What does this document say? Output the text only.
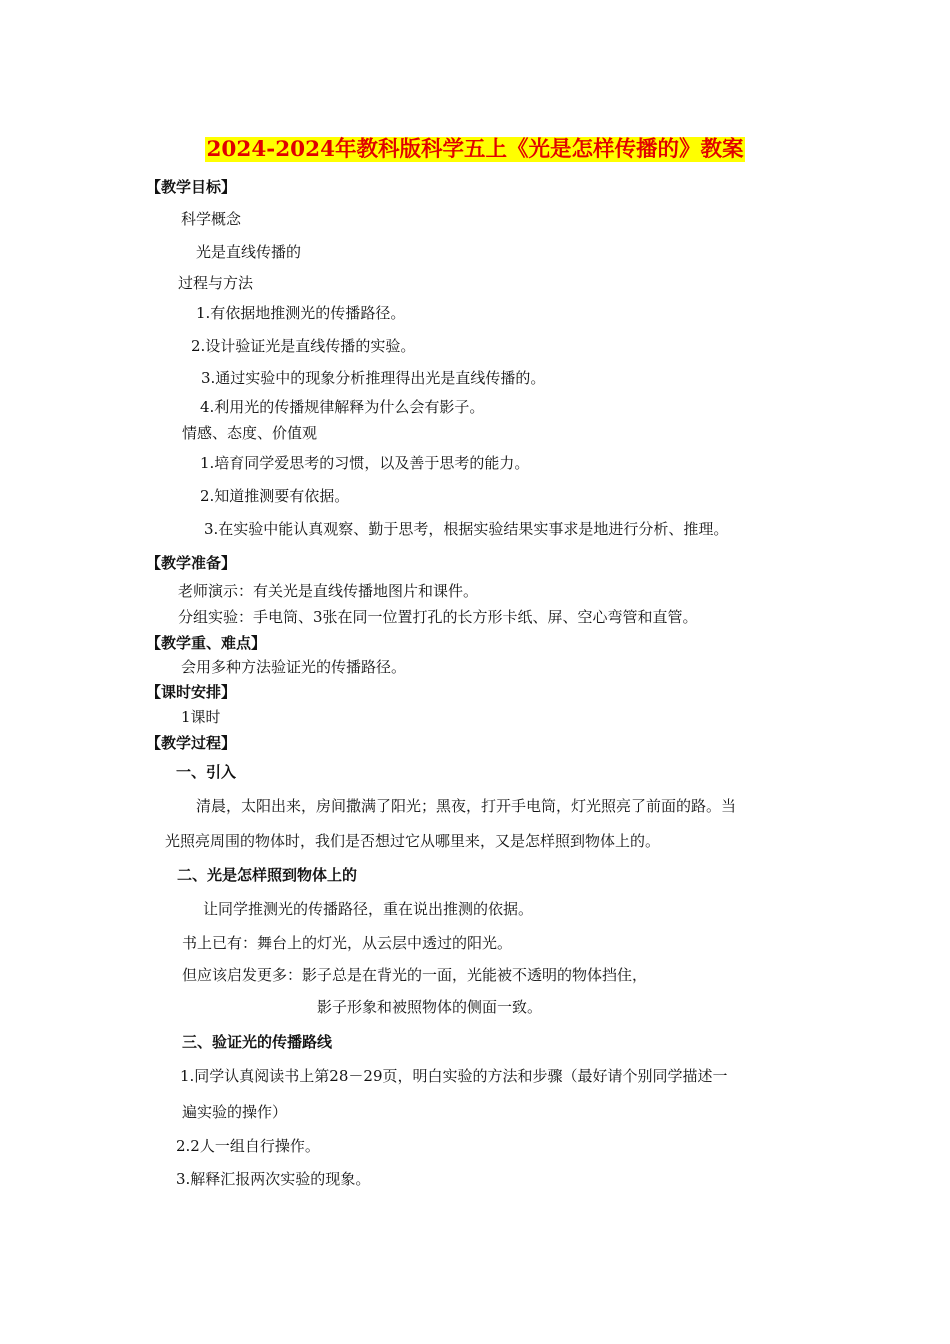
2024-2024年教科版科学五上《光是怎样传播的》教案
【教学目标】
科学概念
光是直线传播的
过程与方法
1.有依据地推测光的传播路径。
2.设计验证光是直线传播的实验。
3.通过实验中的现象分析推理得出光是直线传播的。
4.利用光的传播规律解释为什么会有影子。
情感、态度、价值观
1.培育同学爱思考的习惯，以及善于思考的能力。
2.知道推测要有依据。
3.在实验中能认真观察、勤于思考，根据实验结果实事求是地进行分析、推理。
【教学准备】
老师演示：有关光是直线传播地图片和课件。
分组实验：手电筒、3张在同一位置打孔的长方形卡纸、屏、空心弯管和直管。
【教学重、难点】
会用多种方法验证光的传播路径。
【课时安排】
1课时
【教学过程】
一、引入
清晨，太阳出来，房间撒满了阳光；黑夜，打开手电筒，灯光照亮了前面的路。当
光照亮周围的物体时，我们是否想过它从哪里来，又是怎样照到物体上的。
二、光是怎样照到物体上的
让同学推测光的传播路径，重在说出推测的依据。
书上已有：舞台上的灯光，从云层中透过的阳光。
但应该启发更多：影子总是在背光的一面，光能被不透明的物体挡住，
影子形象和被照物体的侧面一致。
三、验证光的传播路线
1.同学认真阅读书上第28－29页，明白实验的方法和步骤（最好请个别同学描述一
遍实验的操作）
2.2人一组自行操作。
3.解释汇报两次实验的现象。
